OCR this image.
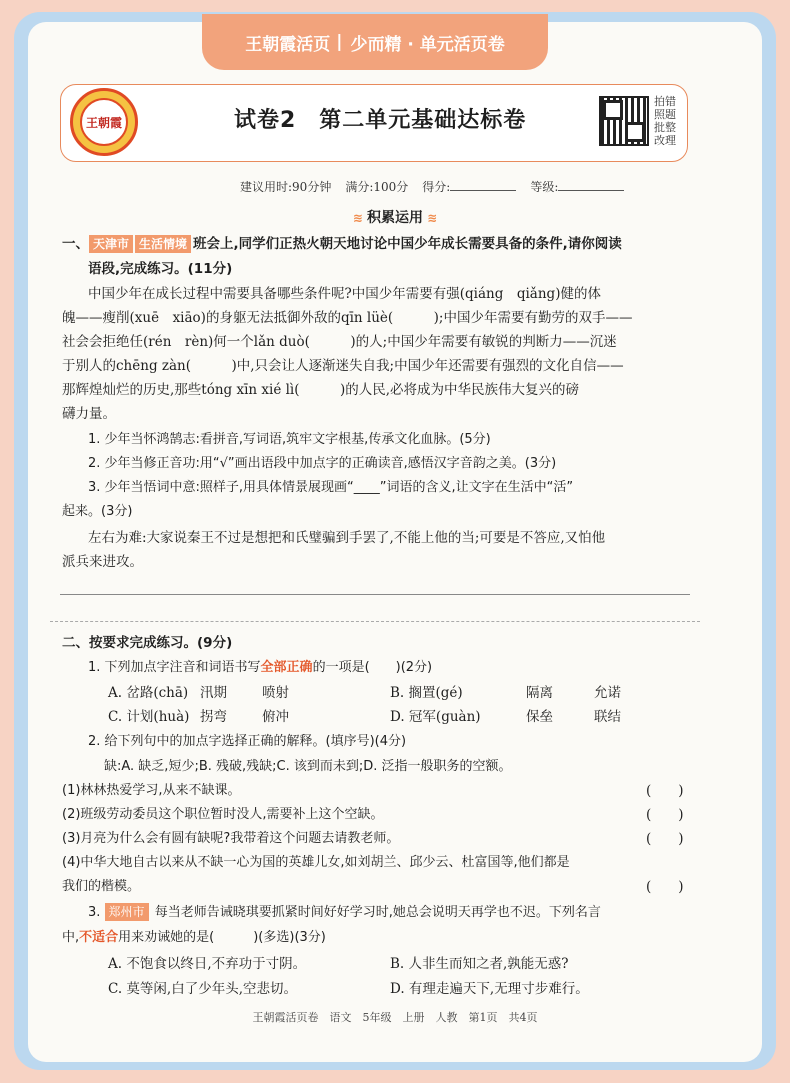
王朝霞活页 | 少而精 · 单元活页卷
王朝霞	试卷2　第二单元基础达标卷
拍错照题批整改理
建议用时:90分钟 满分:100分 得分:	等级:
≋ 积累运用 ≋
一、 天津市 生活情境 班会上,同学们正热火朝天地讨论中国少年成长需要具备的条件,请你阅读
语段,完成练习。(11分)
中国少年在成长过程中需要具备哪些条件呢?中国少年需要有强(qiáng　qiǎng)健的体
魄——瘦削(xuē　xiāo)的身躯无法抵御外敌的qīn lüè(　　　);中国少年需要有勤劳的双手——
社会会拒绝任(rén　rèn)何一个lǎn duò(　　　)的人;中国少年需要有敏锐的判断力——沉迷
于别人的chēng zàn(　　　)中,只会让人逐渐迷失自我;中国少年还需要有强烈的文化自信——
那辉煌灿烂的历史,那些tóng xīn xié lì(　　　)的人民,必将成为中华民族伟大复兴的磅
礴力量。
1. 少年当怀鸿鹄志:看拼音,写词语,筑牢文字根基,传承文化血脉。(5分)
2. 少年当修正音功:用“√”画出语段中加点字的正确读音,感悟汉字音韵之美。(3分)
3. 少年当悟词中意:照样子,用具体情景展现画“____”词语的含义,让文字在生活中“活”
起来。(3分)
左右为难:大家说秦王不过是想把和氏璧骗到手罢了,不能上他的当;可要是不答应,又怕他
派兵来进攻。
二、按要求完成练习。(9分)
1. 下列加点字注音和词语书写全部正确的一项是(　　)(2分)
A. 岔路(chā) 汛期	喷射	B. 搁置(gé)	隔离	允诺
C. 计划(huà) 拐弯	俯冲	D. 冠军(guàn)	保垒	联结
2. 给下列句中的加点字选择正确的解释。(填序号)(4分)
缺:A. 缺乏,短少;B. 残破,残缺;C. 该到而未到;D. 泛指一般职务的空额。
(1)林林热爱学习,从来不缺课。	(　　)
(2)班级劳动委员这个职位暂时没人,需要补上这个空缺。	(　　)
(3)月亮为什么会有圆有缺呢?我带着这个问题去请教老师。	(　　)
(4)中华大地自古以来从不缺一心为国的英雄儿女,如刘胡兰、邱少云、杜富国等,他们都是
我们的楷模。	(　　)
3. 郑州市 每当老师告诫晓琪要抓紧时间好好学习时,她总会说明天再学也不迟。下列名言
中,不适合用来劝诫她的是(　　　)(多选)(3分)
A. 不饱食以终日,不弃功于寸阴。	B. 人非生而知之者,孰能无惑?
C. 莫等闲,白了少年头,空悲切。	D. 有理走遍天下,无理寸步难行。
王朝霞活页卷　语文　5年级　上册　人教　第1页　共4页
